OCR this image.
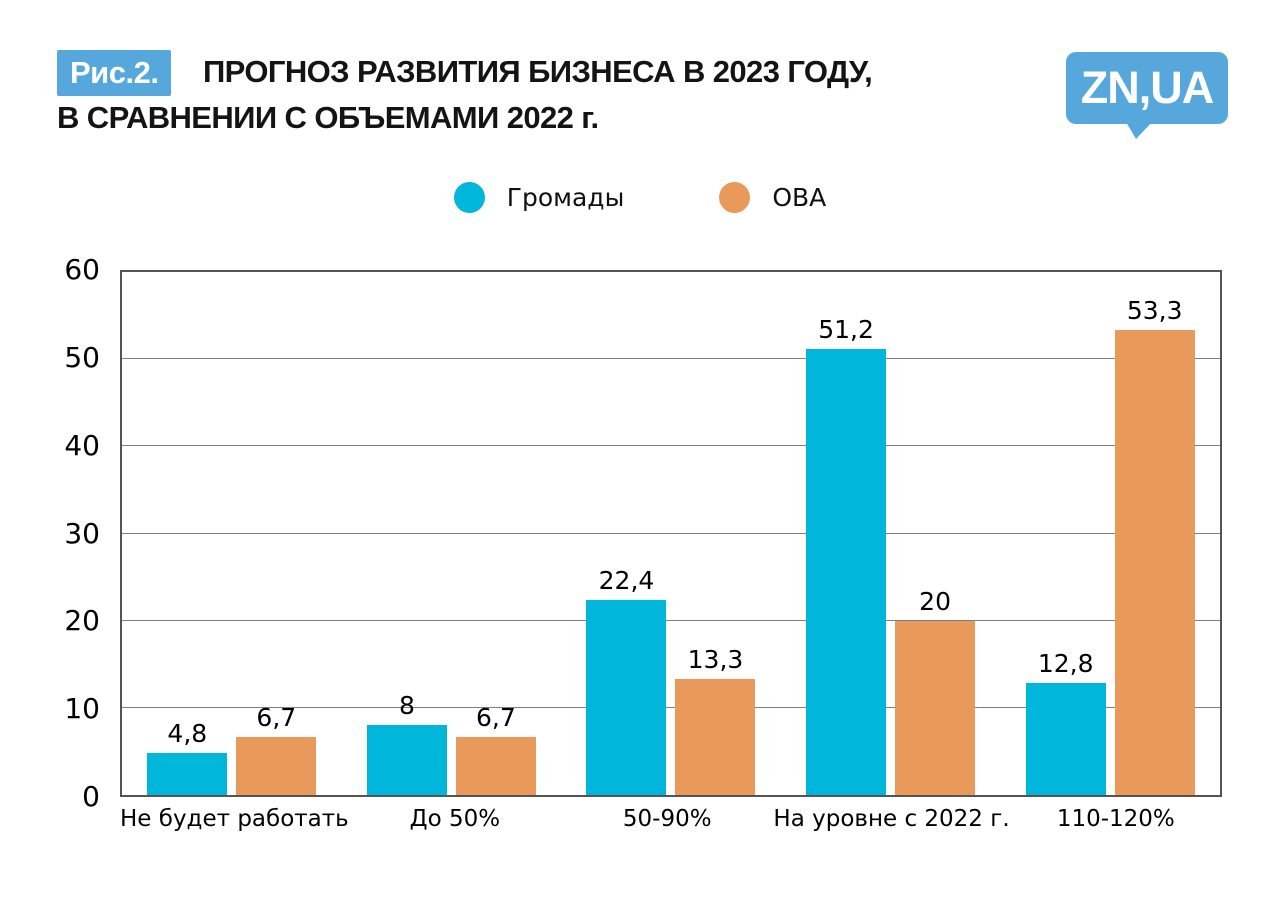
Рис.2.	ПРОГНОЗ РАЗВИТИЯ БИЗНЕСА В 2023 ГОДУ,
В СРАВНЕНИИ С ОБЪЕМАМИ 2022 г.
ZN,UA
Громады	ОВА
0
10
20
30
40
50
60
4,8
6,7	8 6,7
22,4
13,3
51,2
20
12,8
53,3
Не будет работать	До 50%	50-90%	На уровне с 2022 г.	110-120%
